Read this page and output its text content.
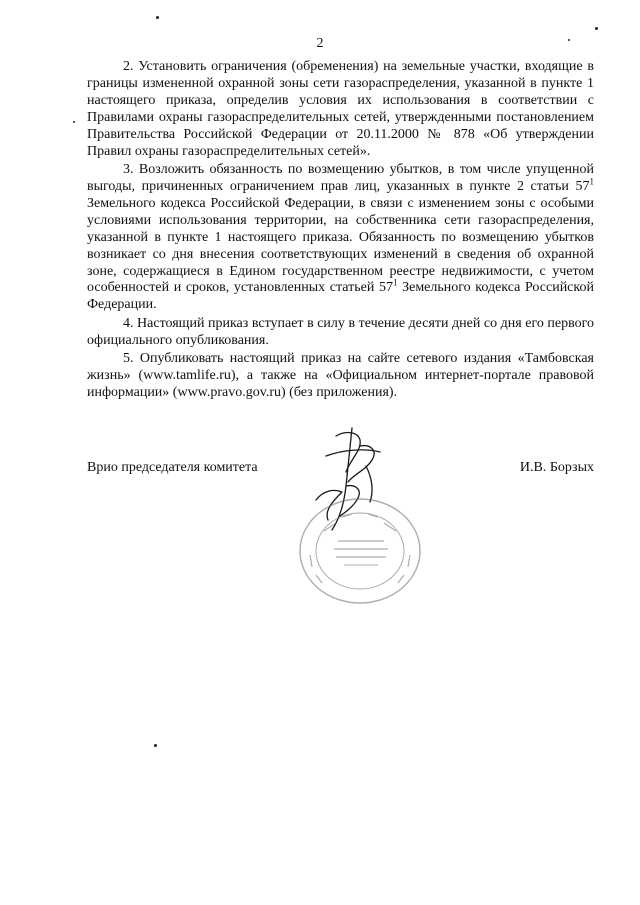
2

2. Установить ограничения (обременения) на земельные участки, входящие в границы измененной охранной зоны сети газораспределения, указанной в пункте 1 настоящего приказа, определив условия их использования в соответствии с Правилами охраны газораспределительных сетей, утвержденными постановлением Правительства Российской Федерации от 20.11.2000 № 878 «Об утверждении Правил охраны газораспределительных сетей».

3. Возложить обязанность по возмещению убытков, в том числе упущенной выгоды, причиненных ограничением прав лиц, указанных в пункте 2 статьи $57^1$ Земельного кодекса Российской Федерации, в связи с изменением зоны с особыми условиями использования территории, на собственника сети газораспределения, указанной в пункте 1 настоящего приказа. Обязанность по возмещению убытков возникает со дня внесения соответствующих изменений в сведения об охранной зоне, содержащиеся в Едином государственном реестре недвижимости, с учетом особенностей и сроков, установленных статьей $57^1$ Земельного кодекса Российской Федерации.

4. Настоящий приказ вступает в силу в течение десяти дней со дня его первого официального опубликования.

5. Опубликовать настоящий приказ на сайте сетевого издания «Тамбовская жизнь» (www.tamlife.ru), а также на «Официальном интернет-портале правовой информации» (www.pravo.gov.ru) (без приложения).

Врио председателя комитета	И.В. Борзых
